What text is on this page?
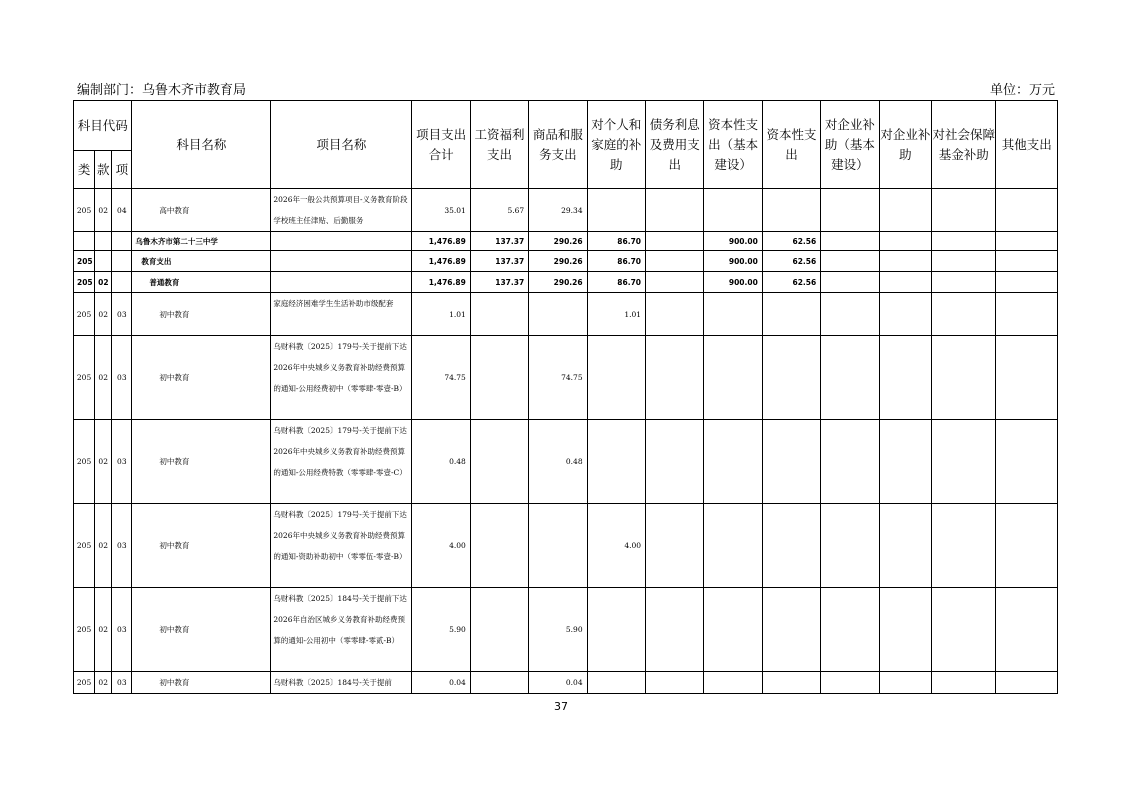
编制部门：乌鲁木齐市教育局	单位：万元
科目代码			科目名称	项目名称	项目支出合计	工资福利支出	商品和服务支出	对个人和家庭的补助	债务利息及费用支出	资本性支出（基本建设）	资本性支出	对企业补助（基本建设）	对企业补助	对社会保障基金补助	其他支出
类	款	项													
205	02	04	高中教育	2026年一般公共预算项目-义务教育阶段学校班主任津贴、后勤服务	35.01	5.67	29.34								
			乌鲁木齐市第二十三中学		1,476.89	137.37	290.26	86.70		900.00	62.56				
205			教育支出		1,476.89	137.37	290.26	86.70		900.00	62.56				
205	02		普通教育		1,476.89	137.37	290.26	86.70		900.00	62.56				
205	02	03	初中教育	家庭经济困难学生生活补助市级配套	1.01			1.01							
205	02	03	初中教育	乌财科教〔2025〕179号-关于提前下达2026年中央城乡义务教育补助经费预算的通知-公用经费初中（零零肆-零壹-B）	74.75		74.75								
205	02	03	初中教育	乌财科教〔2025〕179号-关于提前下达2026年中央城乡义务教育补助经费预算的通知-公用经费特教（零零肆-零壹-C）	0.48		0.48								
205	02	03	初中教育	乌财科教〔2025〕179号-关于提前下达2026年中央城乡义务教育补助经费预算的通知-资助补助初中（零零伍-零壹-B）	4.00			4.00							
205	02	03	初中教育	乌财科教〔2025〕184号-关于提前下达2026年自治区城乡义务教育补助经费预算的通知-公用初中（零零肆-零贰-B）	5.90		5.90								
205	02	03	初中教育	乌财科教〔2025〕184号-关于提前	0.04		0.04								
37
